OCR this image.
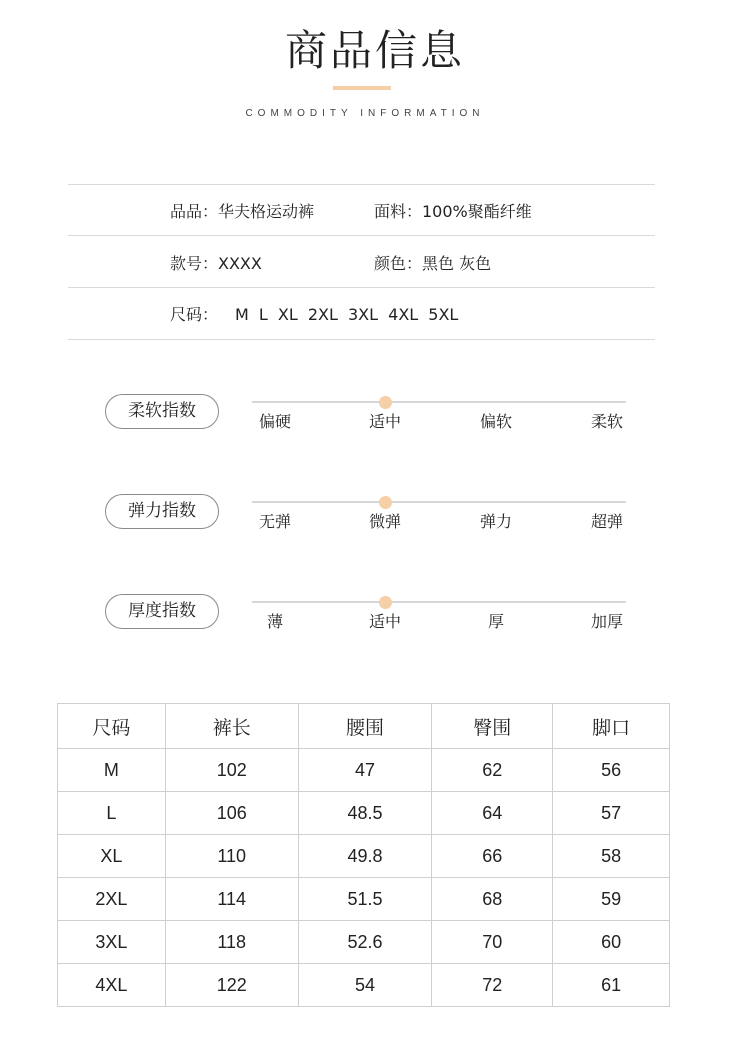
商品信息
COMMODITY INFORMATION
品品：华夫格运动裤	面料：100%聚酯纤维
款号：XXXX	颜色：黑色 灰色
尺码： M L XL 2XL 3XL 4XL 5XL
柔软指数
偏硬	适中	偏软	柔软
弹力指数
无弹	微弹	弹力	超弹
厚度指数
薄	适中	厚	加厚
尺码	裤长	腰围	臀围	脚口
M	102	47	62	56
L	106	48.5	64	57
XL	110	49.8	66	58
2XL	114	51.5	68	59
3XL	118	52.6	70	60
4XL	122	54	72	61
